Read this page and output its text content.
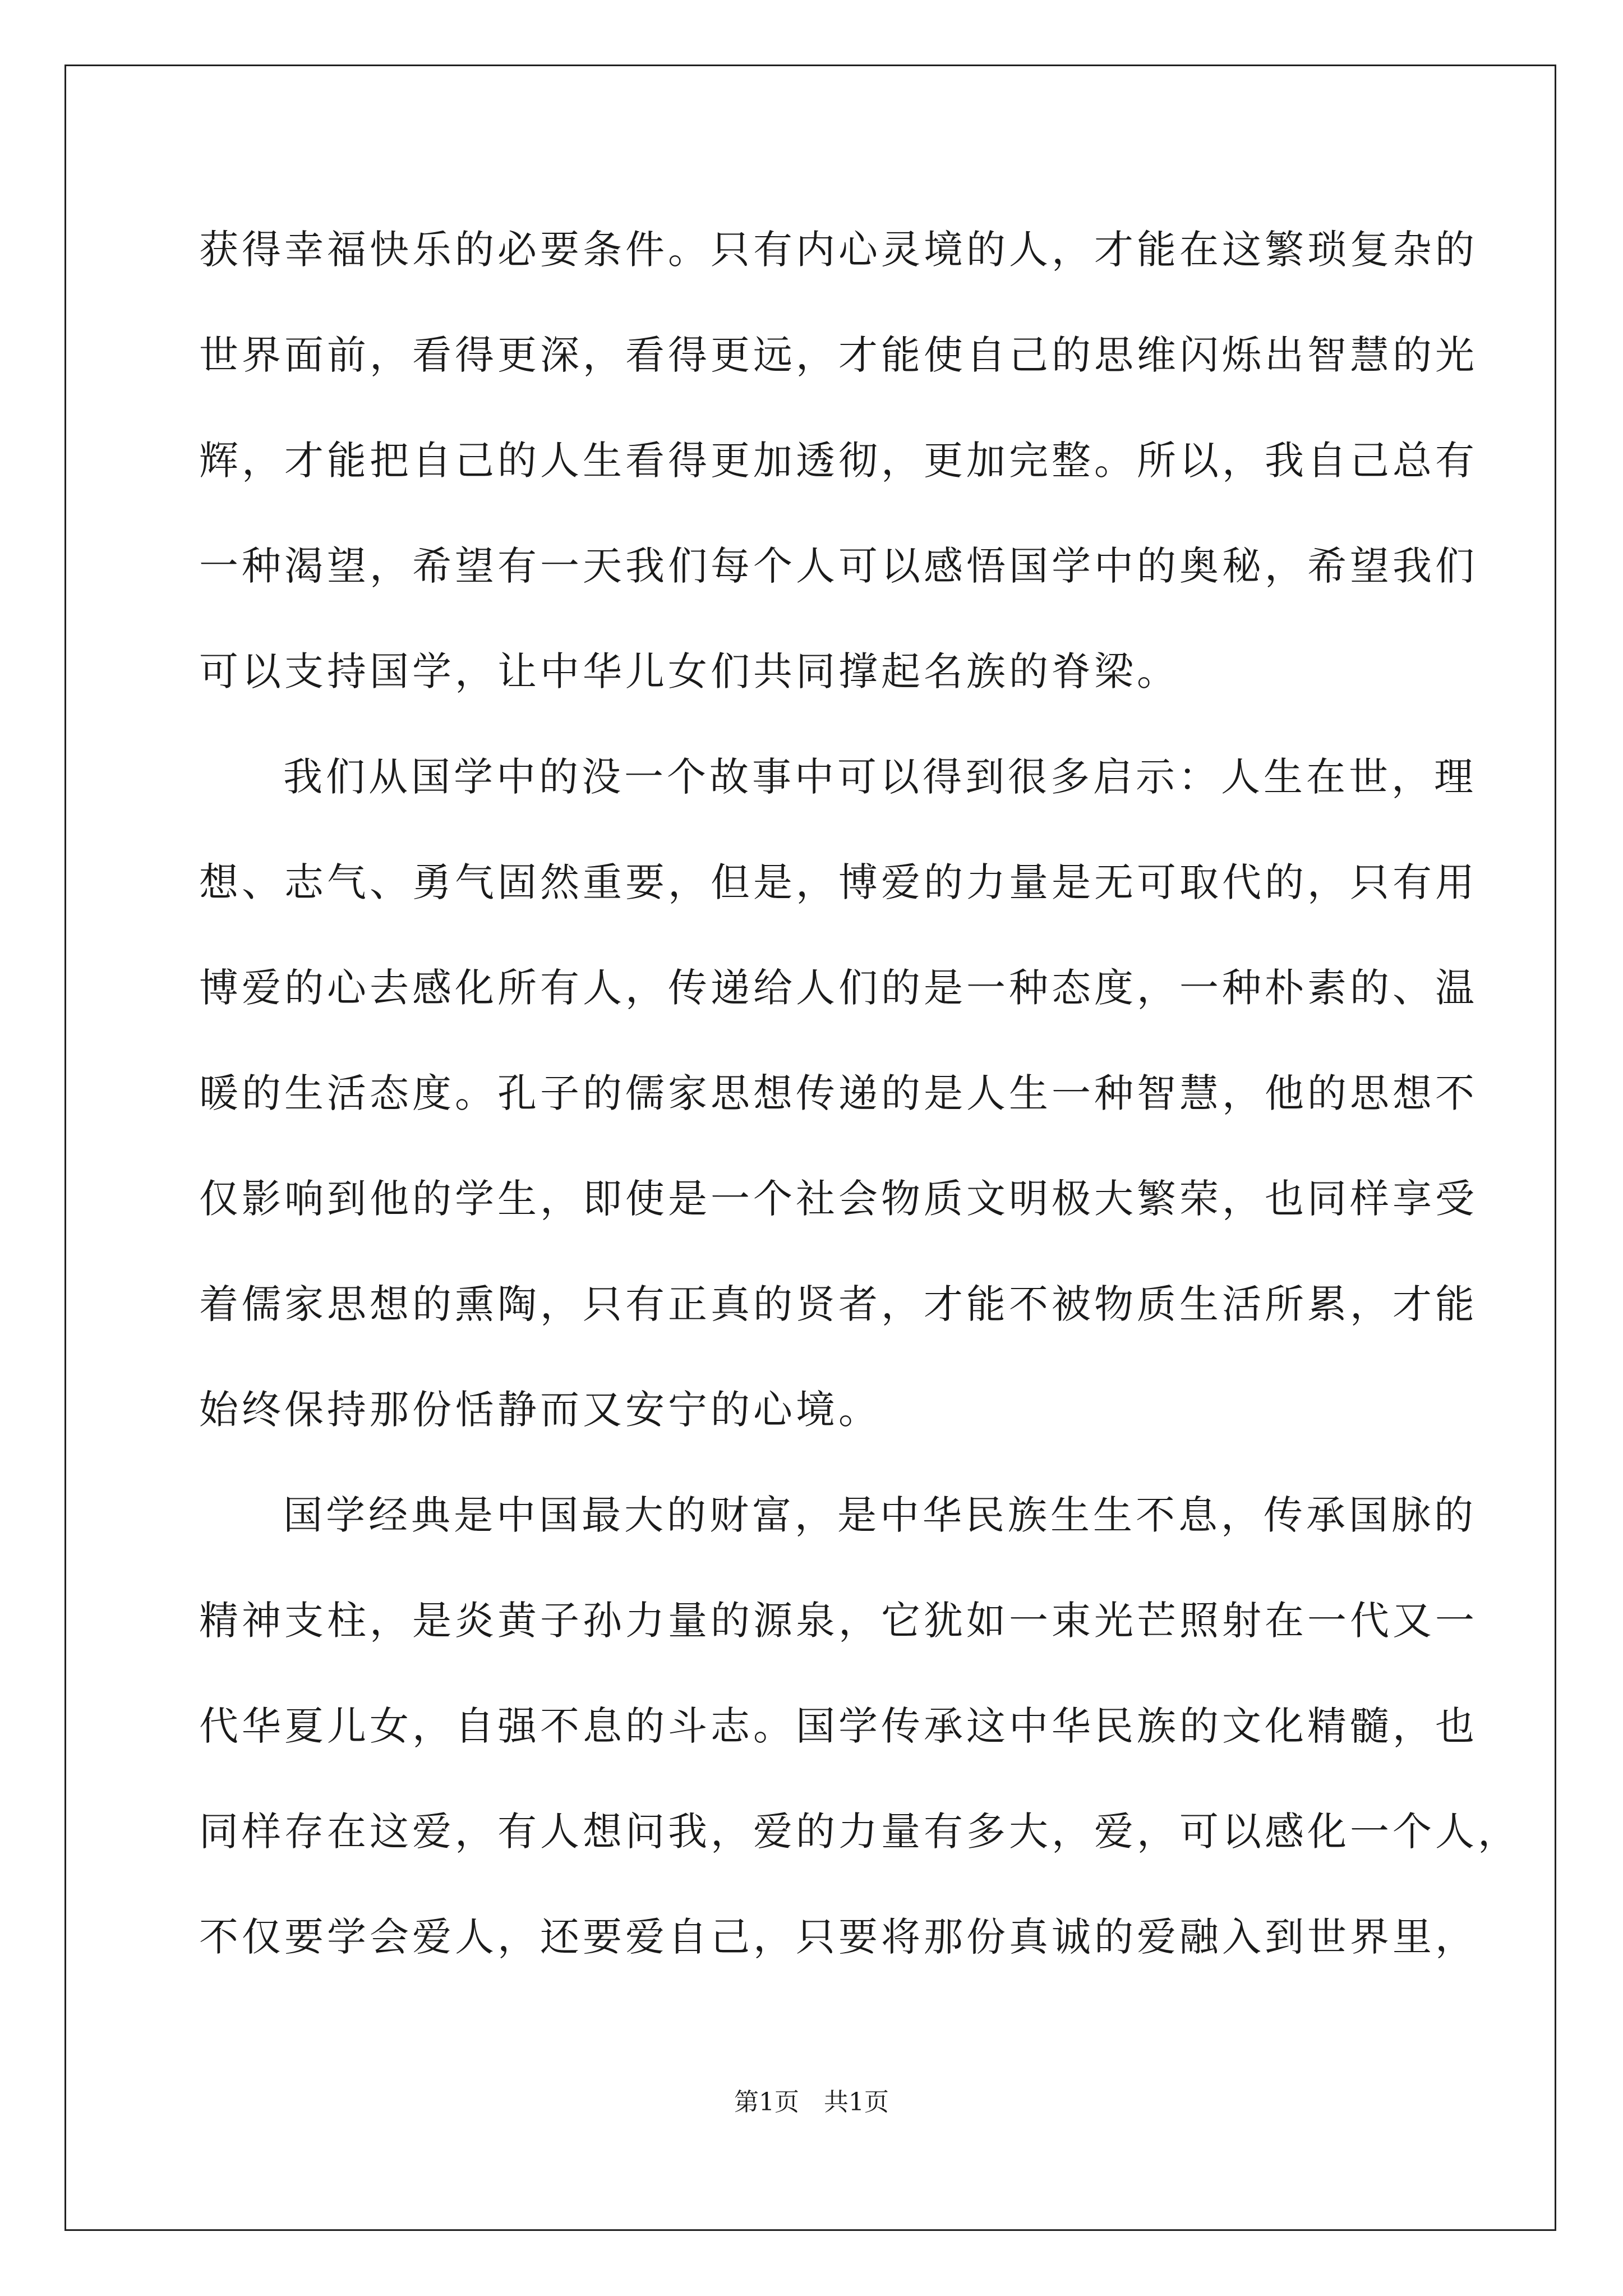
获得幸福快乐的必要条件。只有内心灵境的人，才能在这繁琐复杂的
世界面前，看得更深，看得更远，才能使自己的思维闪烁出智慧的光
辉，才能把自己的人生看得更加透彻，更加完整。所以，我自己总有
一种渴望，希望有一天我们每个人可以感悟国学中的奥秘，希望我们
可以支持国学，让中华儿女们共同撑起名族的脊梁。
我们从国学中的没一个故事中可以得到很多启示：人生在世，理
想、志气、勇气固然重要，但是，博爱的力量是无可取代的，只有用
博爱的心去感化所有人，传递给人们的是一种态度，一种朴素的、温
暖的生活态度。孔子的儒家思想传递的是人生一种智慧，他的思想不
仅影响到他的学生，即使是一个社会物质文明极大繁荣，也同样享受
着儒家思想的熏陶，只有正真的贤者，才能不被物质生活所累，才能
始终保持那份恬静而又安宁的心境。
国学经典是中国最大的财富，是中华民族生生不息，传承国脉的
精神支柱，是炎黄子孙力量的源泉，它犹如一束光芒照射在一代又一
代华夏儿女，自强不息的斗志。国学传承这中华民族的文化精髓，也
同样存在这爱，有人想问我，爱的力量有多大，爱，可以感化一个人，
不仅要学会爱人，还要爱自己，只要将那份真诚的爱融入到世界里，
第1页　共1页
